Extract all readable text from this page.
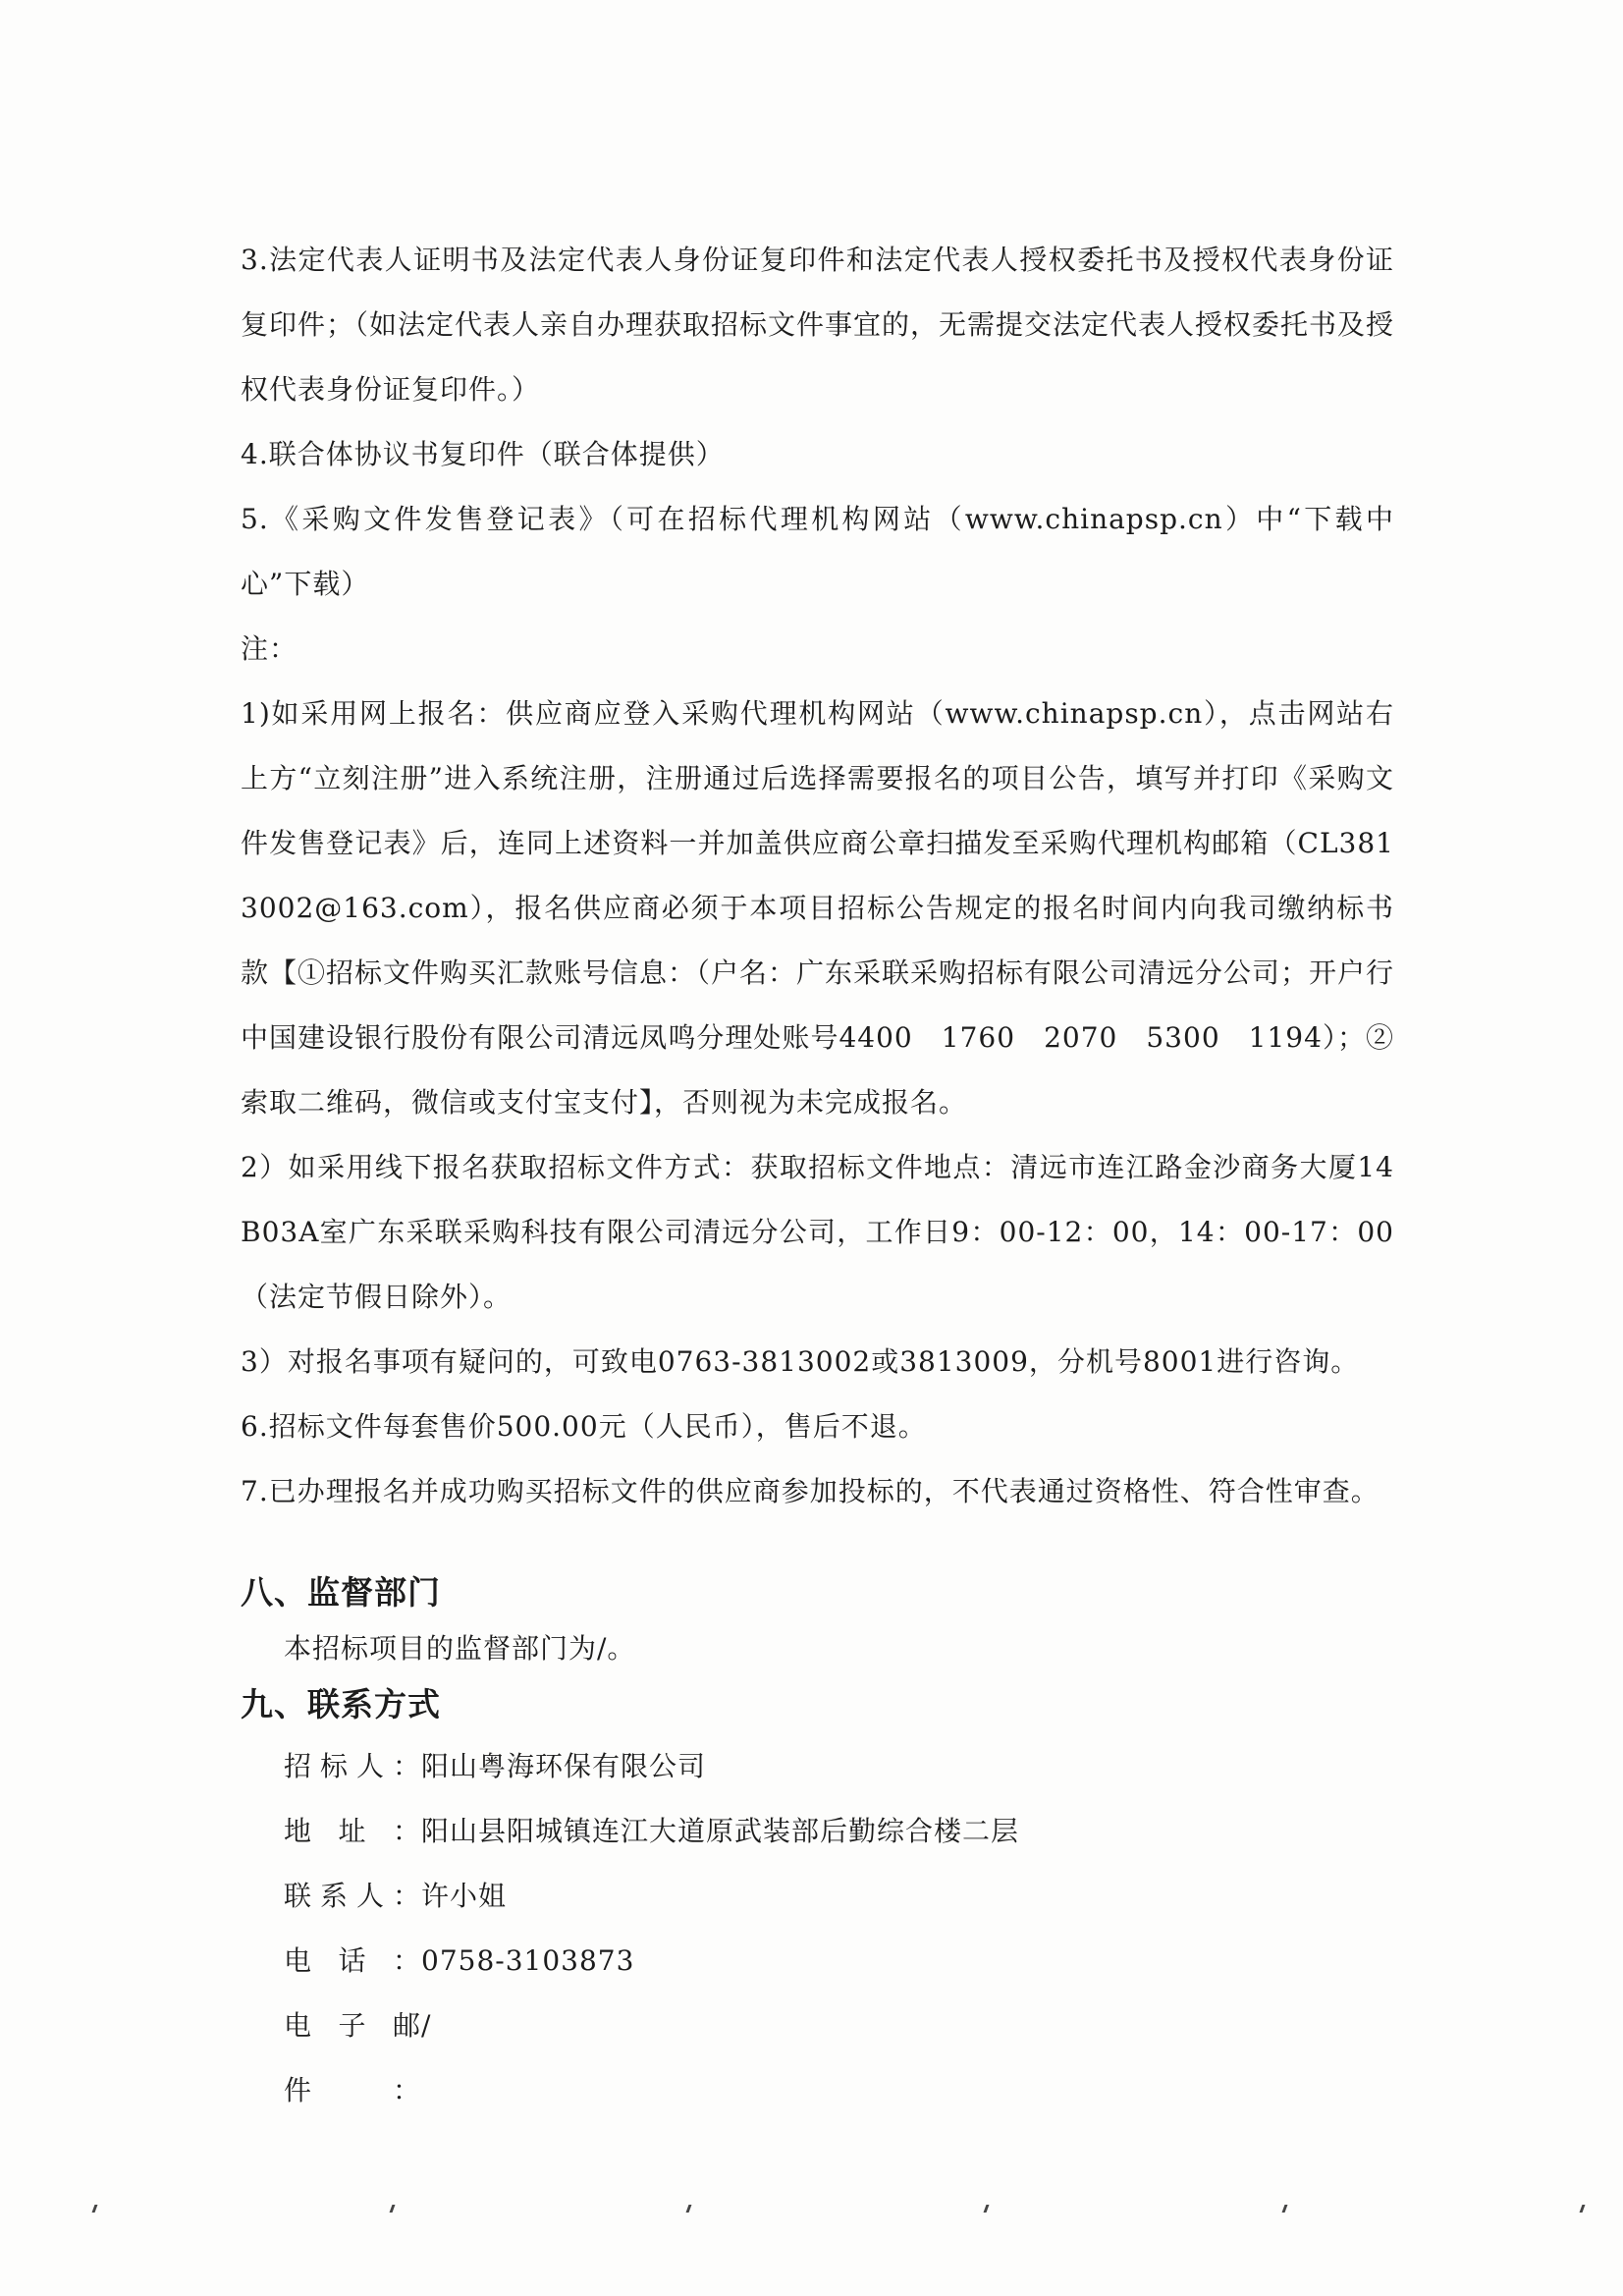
3.法定代表人证明书及法定代表人身份证复印件和法定代表人授权委托书及授权代表身份证复印件；（如法定代表人亲自办理获取招标文件事宜的，无需提交法定代表人授权委托书及授权代表身份证复印件。）

4.联合体协议书复印件（联合体提供）

5.《采购文件发售登记表》（可在招标代理机构网站（www.chinapsp.cn）中“下载中心”下载）

注：

1)如采用网上报名：供应商应登入采购代理机构网站（www.chinapsp.cn），点击网站右上方“立刻注册”进入系统注册，注册通过后选择需要报名的项目公告，填写并打印《采购文件发售登记表》后，连同上述资料一并加盖供应商公章扫描发至采购代理机构邮箱（CL3813002@163.com），报名供应商必须于本项目招标公告规定的报名时间内向我司缴纳标书款【①招标文件购买汇款账号信息：（户名：广东采联采购招标有限公司清远分公司；开户行中国建设银行股份有限公司清远凤鸣分理处账号4400　1760　2070　5300　1194）；②索取二维码，微信或支付宝支付】，否则视为未完成报名。

2）如采用线下报名获取招标文件方式：获取招标文件地点：清远市连江路金沙商务大厦14B03A室广东采联采购科技有限公司清远分公司，工作日9：00-12：00，14：00-17：00（法定节假日除外）。

3）对报名事项有疑问的，可致电0763-3813002或3813009，分机号8001进行咨询。

6.招标文件每套售价500.00元（人民币），售后不退。

7.已办理报名并成功购买招标文件的供应商参加投标的，不代表通过资格性、符合性审查。

八、监督部门

本招标项目的监督部门为/。

九、联系方式
招标人： 阳山粤海环保有限公司
地址： 阳山县阳城镇连江大道原武装部后勤综合楼二层
联系人： 许小姐
电话： 0758-3103873
电子邮件：
/
